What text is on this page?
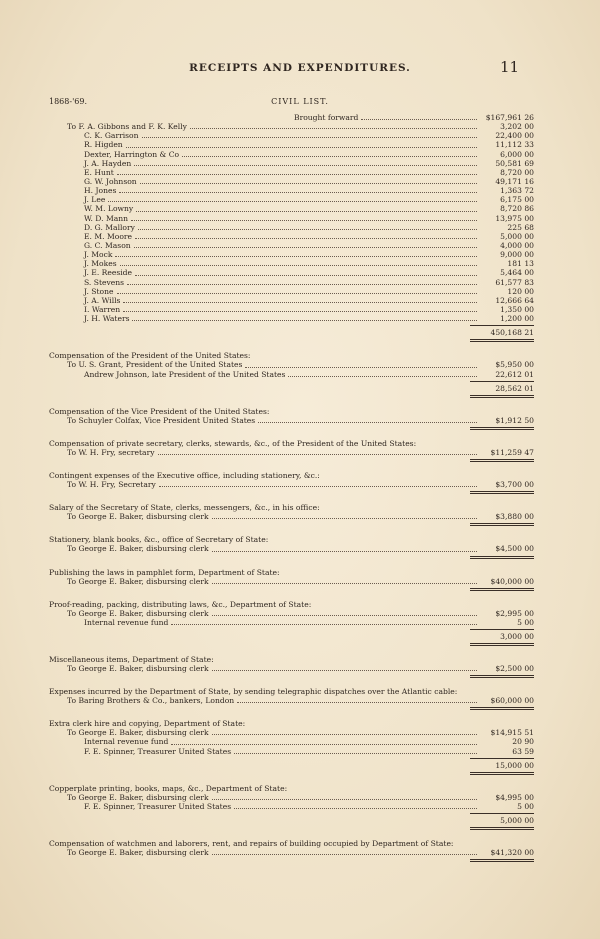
RECEIPTS AND EXPENDITURES.	11
1868-'69.	CIVIL LIST.
Brought forward	$167,961 26
To F. A. Gibbons and F. K. Kelly	3,202 00
C. K. Garrison	22,400 00
R. Higden	11,112 33
Dexter, Harrington & Co	6,000 00
J. A. Hayden	50,581 69
E. Hunt	8,720 00
G. W. Johnson	49,171 16
H. Jones	1,363 72
J. Lee	6,175 00
W. M. Lowny	8,720 86
W. D. Mann	13,975 00
D. G. Mallory	225 68
E. M. Moore	5,000 00
G. C. Mason	4,000 00
J. Mock	9,000 00
J. Mokes	181 13
J. E. Reeside	5,464 00
S. Stevens	61,577 83
J. Stone	120 00
J. A. Wills	12,666 64
I. Warren	1,350 00
J. H. Waters	1,200 00
450,168 21
Compensation of the President of the United States:
To U. S. Grant, President of the United States	$5,950 00
Andrew Johnson, late President of the United States	22,612 01
28,562 01
Compensation of the Vice President of the United States:
To Schuyler Colfax, Vice President United States	$1,912 50
Compensation of private secretary, clerks, stewards, &c., of the President of the United States:
To W. H. Fry, secretary	$11,259 47
Contingent expenses of the Executive office, including stationery, &c.:
To W. H. Fry, Secretary	$3,700 00
Salary of the Secretary of State, clerks, messengers, &c., in his office:
To George E. Baker, disbursing clerk	$3,880 00
Stationery, blank books, &c., office of Secretary of State:
To George E. Baker, disbursing clerk	$4,500 00
Publishing the laws in pamphlet form, Department of State:
To George E. Baker, disbursing clerk	$40,000 00
Proof-reading, packing, distributing laws, &c., Department of State:
To George E. Baker, disbursing clerk	$2,995 00
Internal revenue fund	5 00
3,000 00
Miscellaneous items, Department of State:
To George E. Baker, disbursing clerk	$2,500 00
Expenses incurred by the Department of State, by sending telegraphic dispatches over the Atlantic cable:
To Baring Brothers & Co., bankers, London	$60,000 00
Extra clerk hire and copying, Department of State:
To George E. Baker, disbursing clerk	$14,915 51
Internal revenue fund	20 90
F. E. Spinner, Treasurer United States	63 59
15,000 00
Copperplate printing, books, maps, &c., Department of State:
To George E. Baker, disbursing clerk	$4,995 00
F. E. Spinner, Treasurer United States	5 00
5,000 00
Compensation of watchmen and laborers, rent, and repairs of building occupied by Department of State:
To George E. Baker, disbursing clerk	$41,320 00
